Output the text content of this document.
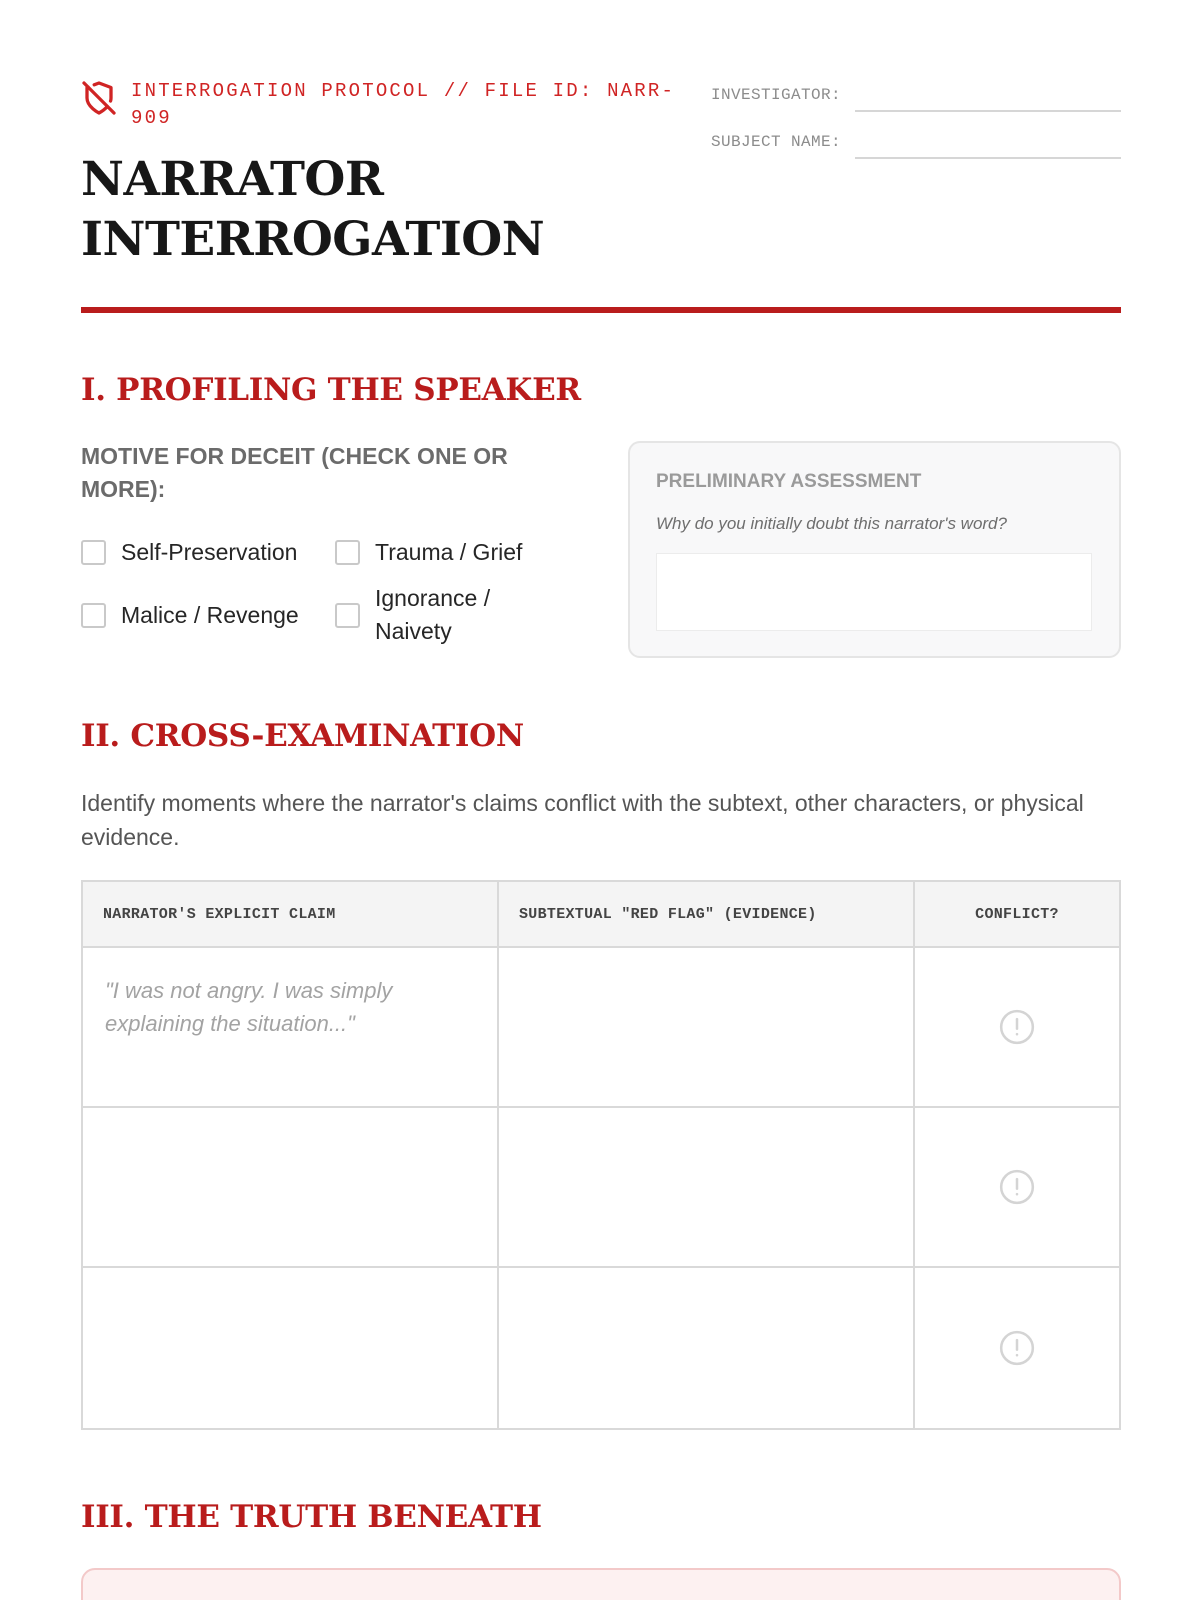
INTERROGATION PROTOCOL // FILE ID: NARR-909
NARRATOR
INTERROGATION
INVESTIGATOR:
SUBJECT NAME:
I. PROFILING THE SPEAKER
MOTIVE FOR DECEIT (CHECK ONE OR MORE):
Self-Preservation	Trauma / Grief
Malice / Revenge
Ignorance / Naivety
PRELIMINARY ASSESSMENT
Why do you initially doubt this narrator's word?
II. CROSS-EXAMINATION

Identify moments where the narrator's claims conflict with the subtext, other characters, or physical evidence.

NARRATOR'S EXPLICIT CLAIM	SUBTEXTUAL "RED FLAG" (EVIDENCE)	CONFLICT?
"I was not angry. I was simply explaining the situation..."
III. THE TRUTH BENEATH
